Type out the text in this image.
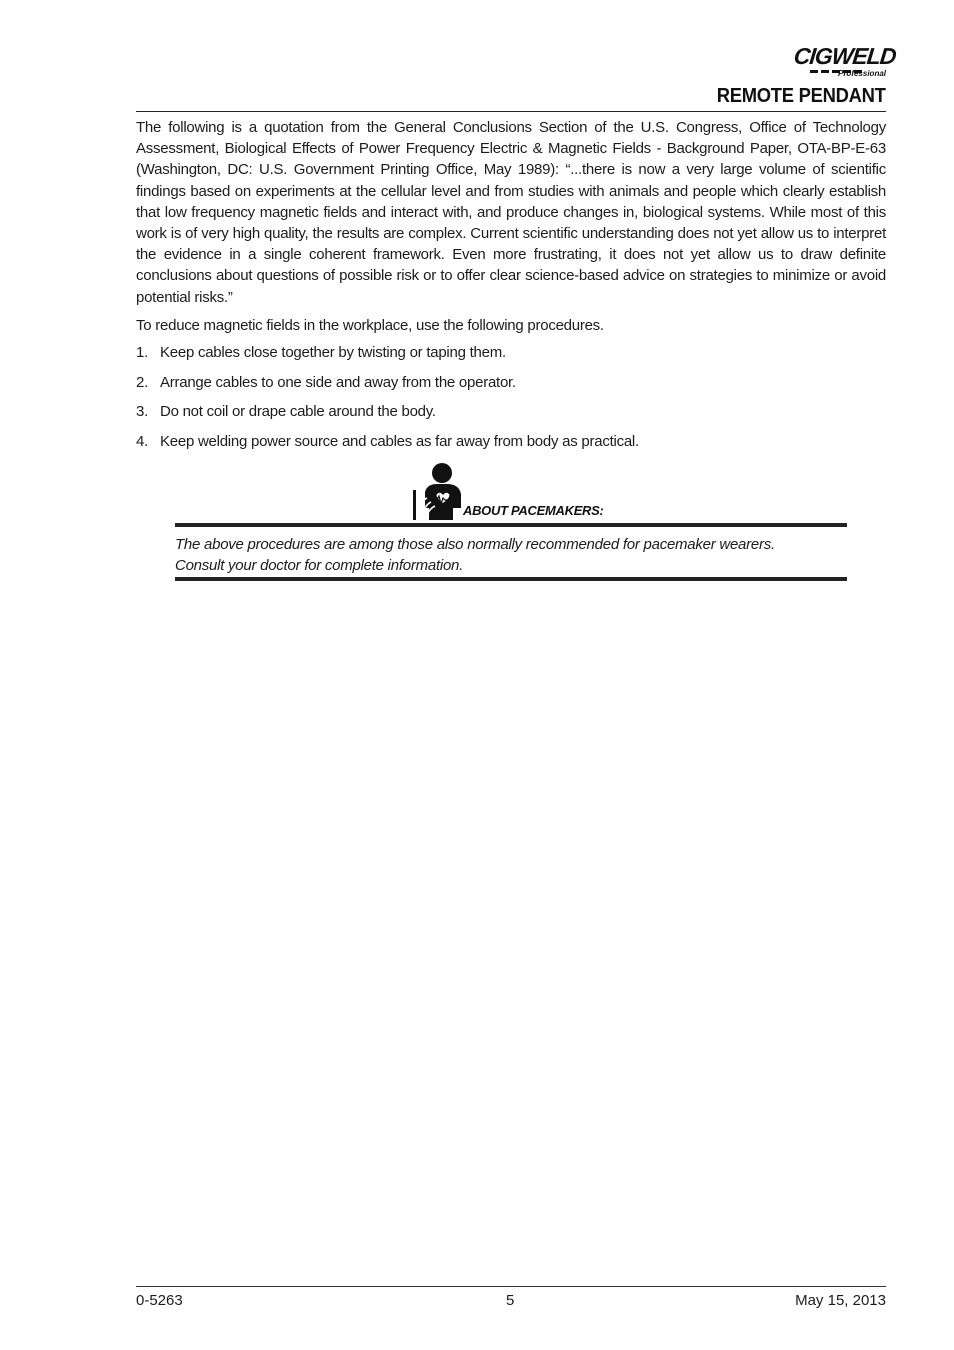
CIGWELD
Professional
REMOTE PENDANT

The following is a quotation from the General Conclusions Section of the U.S. Congress, Office of Technology Assessment, Biological Effects of Power Frequency Electric & Magnetic Fields - Background Paper, OTA-BP-E-63 (Washington, DC: U.S. Government Printing Office, May 1989): “...there is now a very large volume of scientific findings based on experiments at the cellular level and from studies with animals and people which clearly establish that low frequency magnetic fields and interact with, and produce changes in, biological systems. While most of this work is of very high quality, the results are complex. Current scientific understanding does not yet allow us to interpret the evidence in a single coherent framework. Even more frustrating, it does not yet allow us to draw definite conclusions about questions of possible risk or to offer clear science-based advice on strategies to minimize or avoid potential risks.”

To reduce magnetic fields in the workplace, use the following procedures.

1. Keep cables close together by twisting or taping them.
2. Arrange cables to one side and away from the operator.
3. Do not coil or drape cable around the body.
4. Keep welding power source and cables as far away from body as practical.
ABOUT PACEMAKERS:
The above procedures are among those also normally recommended for pacemaker wearers.
Consult your doctor for complete information.
0-5263	5	May 15, 2013
